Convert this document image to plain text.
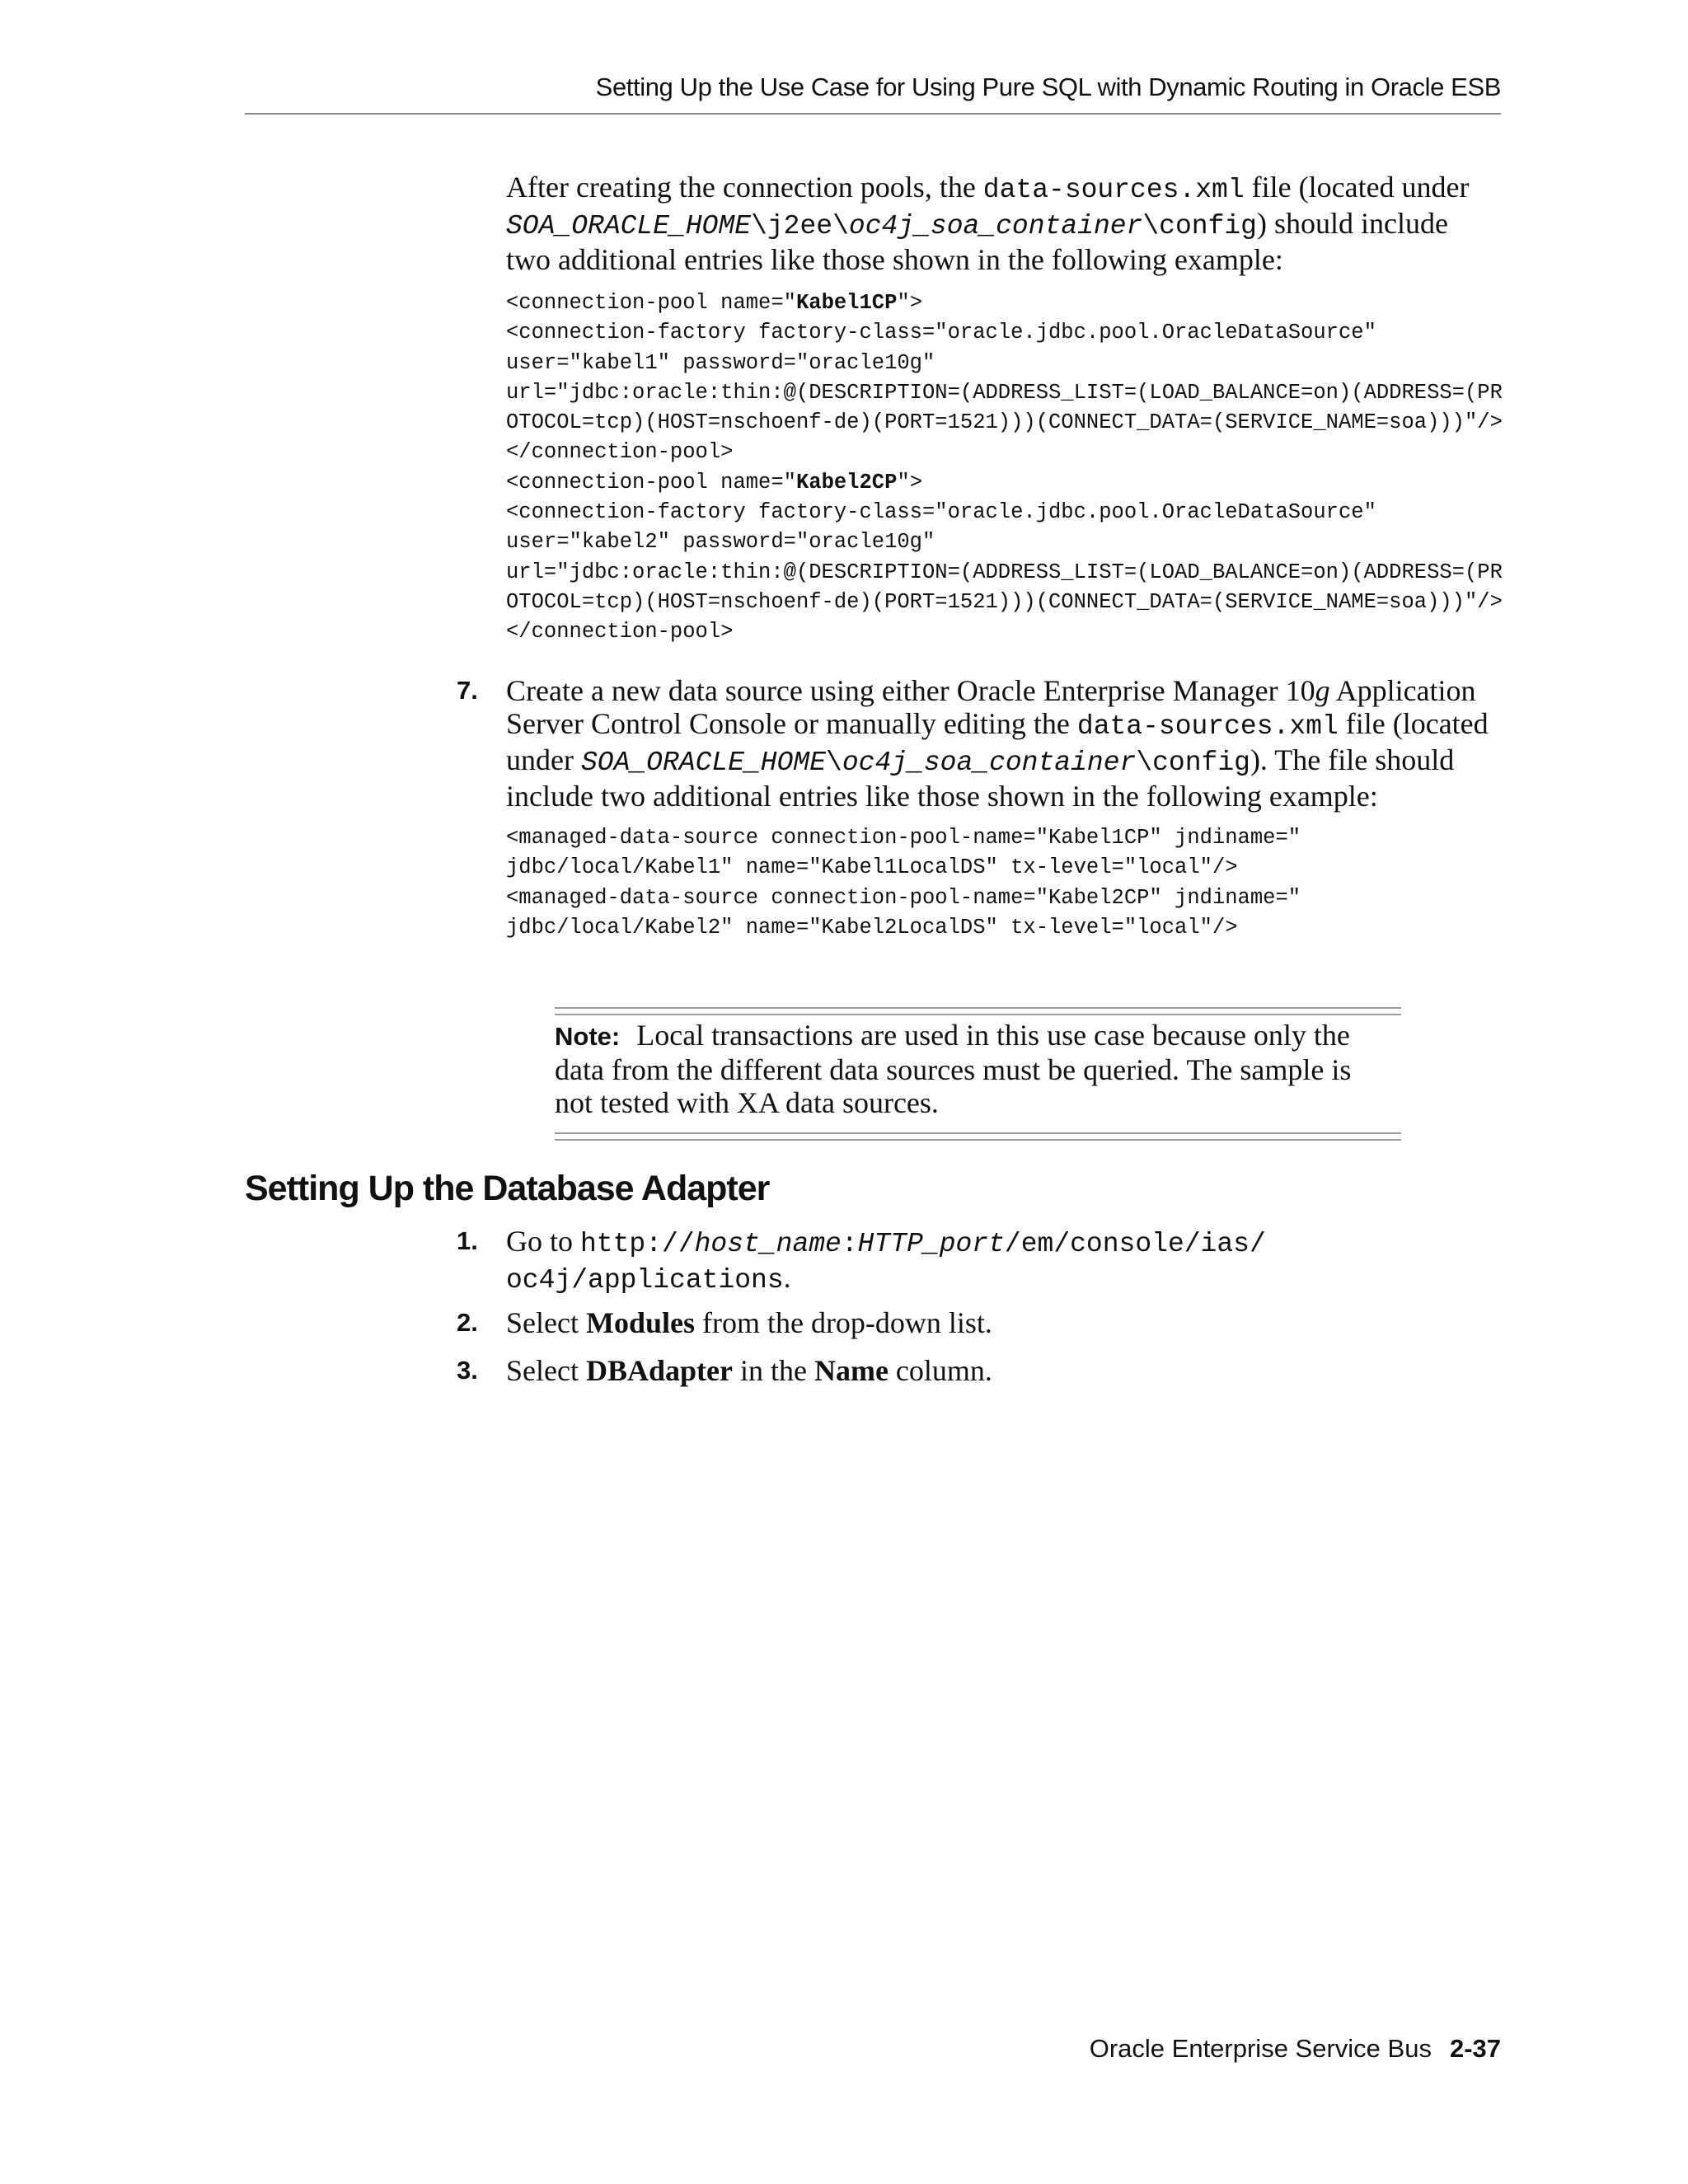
Setting Up the Use Case for Using Pure SQL with Dynamic Routing in Oracle ESB
After creating the connection pools, the data-sources.xml file (located under
SOA_ORACLE_HOME\j2ee\oc4j_soa_container\config) should include
two additional entries like those shown in the following example:
<connection-pool name="Kabel1CP">
<connection-factory factory-class="oracle.jdbc.pool.OracleDataSource"
user="kabel1" password="oracle10g"
url="jdbc:oracle:thin:@(DESCRIPTION=(ADDRESS_LIST=(LOAD_BALANCE=on)(ADDRESS=(PR
OTOCOL=tcp)(HOST=nschoenf-de)(PORT=1521)))(CONNECT_DATA=(SERVICE_NAME=soa)))"/>
</connection-pool>
<connection-pool name="Kabel2CP">
<connection-factory factory-class="oracle.jdbc.pool.OracleDataSource"
user="kabel2" password="oracle10g"
url="jdbc:oracle:thin:@(DESCRIPTION=(ADDRESS_LIST=(LOAD_BALANCE=on)(ADDRESS=(PR
OTOCOL=tcp)(HOST=nschoenf-de)(PORT=1521)))(CONNECT_DATA=(SERVICE_NAME=soa)))"/>
</connection-pool>
7. Create a new data source using either Oracle Enterprise Manager 10g Application
Server Control Console or manually editing the data-sources.xml file (located
under SOA_ORACLE_HOME\oc4j_soa_container\config). The file should
include two additional entries like those shown in the following example:
<managed-data-source connection-pool-name="Kabel1CP" jndiname="
jdbc/local/Kabel1" name="Kabel1LocalDS" tx-level="local"/>
<managed-data-source connection-pool-name="Kabel2CP" jndiname="
jdbc/local/Kabel2" name="Kabel2LocalDS" tx-level="local"/>
Note: Local transactions are used in this use case because only the
data from the different data sources must be queried. The sample is
not tested with XA data sources.
Setting Up the Database Adapter
1. Go to http://host_name:HTTP_port/em/console/ias/
oc4j/applications.
2. Select Modules from the drop-down list.
3. Select DBAdapter in the Name column.
Oracle Enterprise Service Bus 2-37
